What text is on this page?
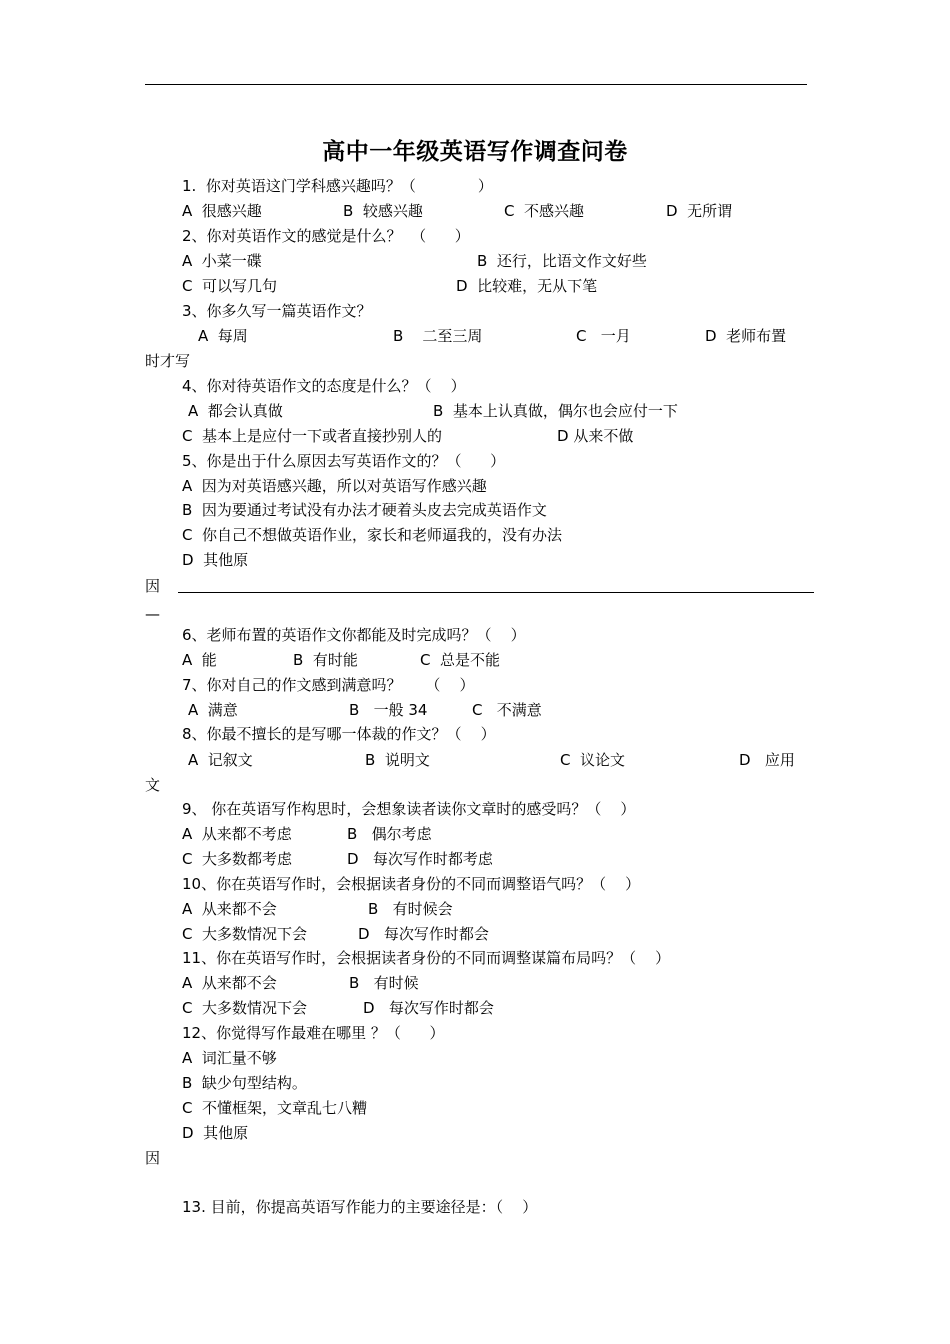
高中一年级英语写作调查问卷
1.  你对英语这门学科感兴趣吗？（             ）
A  很感兴趣	B  较感兴趣	C  不感兴趣	D  无所谓
2、你对英语作文的感觉是什么？  （      ）
A  小菜一碟	B  还行，比语文作文好些
C  可以写几句	D  比较难，无从下笔
3、你多久写一篇英语作文？
A  每周	B    二至三周	C   一月	D  老师布置
时才写
4、你对待英语作文的态度是什么？（    ）
A  都会认真做	B  基本上认真做，偶尔也会应付一下
C  基本上是应付一下或者直接抄别人的	D 从来不做
5、你是出于什么原因去写英语作文的？（      ）
A  因为对英语感兴趣，所以对英语写作感兴趣
B  因为要通过考试没有办法才硬着头皮去完成英语作文
C  你自己不想做英语作业，家长和老师逼我的，没有办法
D  其他原
因
—
6、老师布置的英语作文你都能及时完成吗？（    ）
A  能	B  有时能	C  总是不能
7、你对自己的作文感到满意吗？     （    ）
A  满意	B   一般 34	C   不满意
8、你最不擅长的是写哪一体裁的作文？（    ）
A  记叙文	B  说明文	C  议论文	D   应用
文
9、 你在英语写作构思时，会想象读者读你文章时的感受吗？（    ）
A  从来都不考虑	B   偶尔考虑
C  大多数都考虑	D   每次写作时都考虑
10、你在英语写作时，会根据读者身份的不同而调整语气吗？（    ）
A  从来都不会	B   有时候会
C  大多数情况下会	D   每次写作时都会
11、你在英语写作时，会根据读者身份的不同而调整谋篇布局吗？（    ）
A  从来都不会	B   有时候
C  大多数情况下会	D   每次写作时都会
12、你觉得写作最难在哪里 ？（      ）
A  词汇量不够
B  缺少句型结构。
C  不懂框架，文章乱七八糟
D  其他原
因
13. 目前，你提高英语写作能力的主要途径是：（    ）
